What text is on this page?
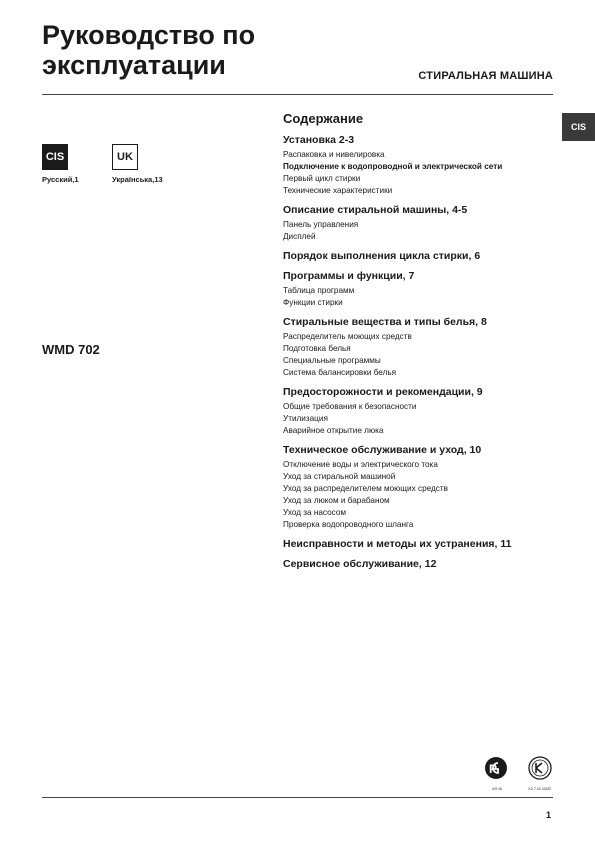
Руководство по
эксплуатации	СТИРАЛЬНАЯ МАШИНА
CIS
CIS
Русский,1
UK
Українська,13
WMD 702
Содержание
Установка 2-3
Распаковка и нивелировка
Подключение к водопроводной и электрической сети
Первый цикл стирки
Технические характеристики
Описание стиральной машины, 4-5
Панель управления
Дисплей
Порядок выполнения цикла стирки, 6
Программы и функции, 7
Таблица программ
Функции стирки
Стиральные вещества и типы белья, 8
Распределитель моющих средств
Подготовка белья
Специальные программы
Система балансировки белья
Предосторожности и рекомендации, 9
Общие требования к безопасности
Утилизация
Аварийное открытие люка
Техническое обслуживание и уход, 10
Отключение воды и электрического тока
Уход за стиральной машиной
Уход за распределителем моющих средств
Уход за люком и барабаном
Уход за насосом
Проверка водопроводного шланга
Неисправности и методы их устранения, 11
Сервисное обслуживание, 12
Р
АЯ 46	KZ.7.02.03487
1
